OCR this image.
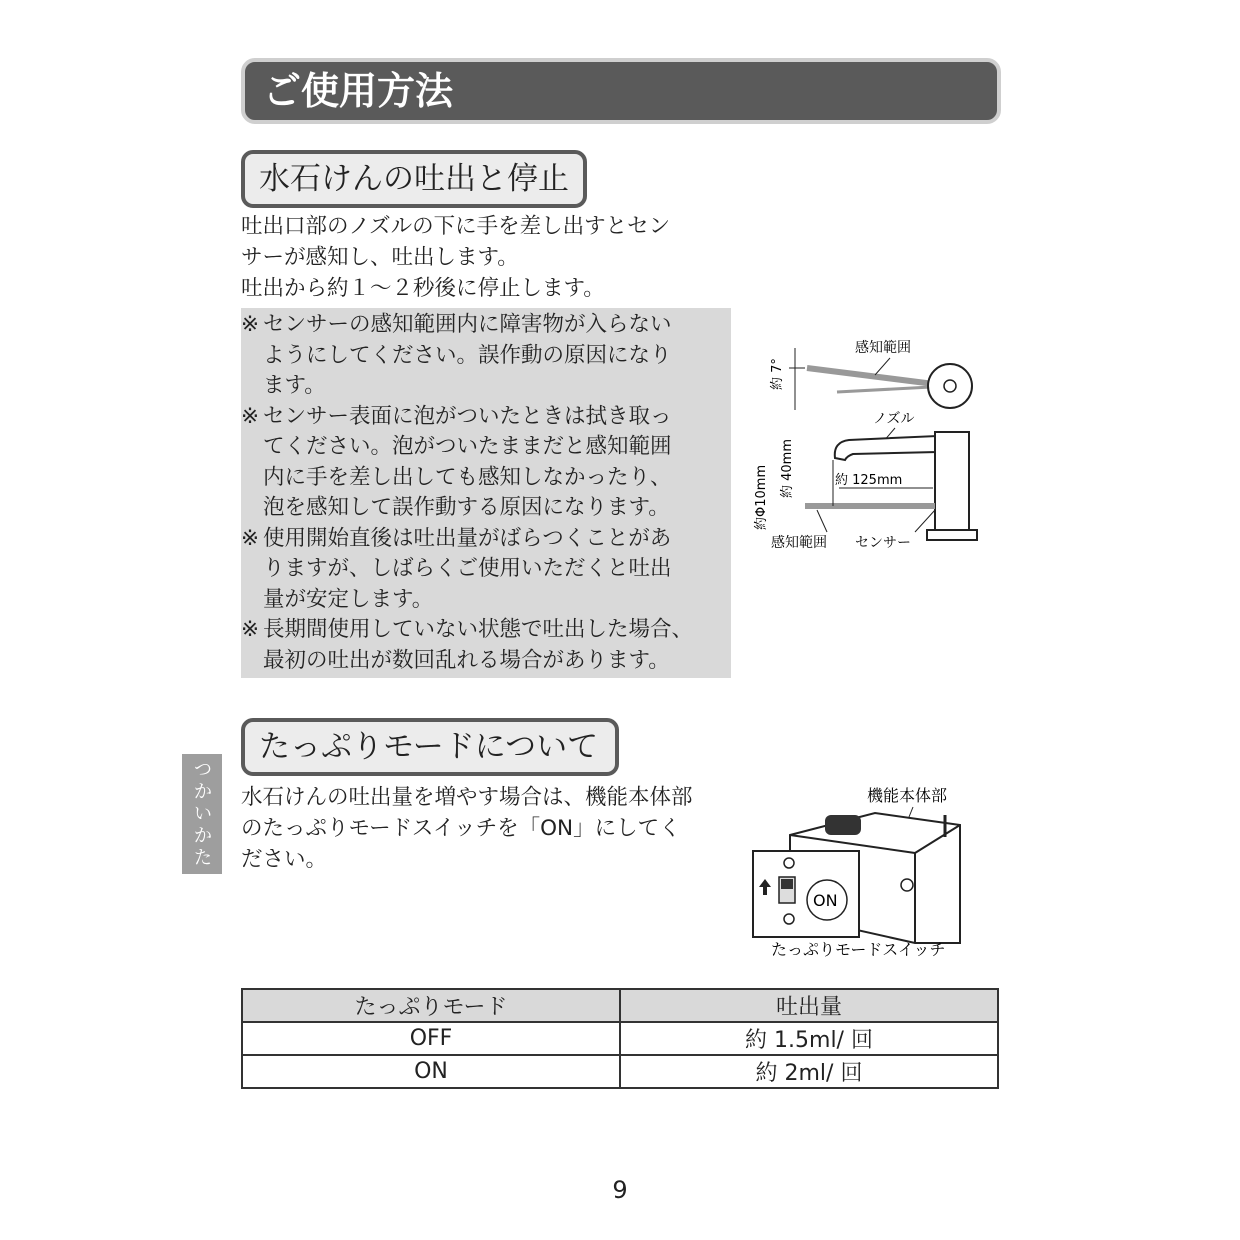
ご使用方法
水石けんの吐出と停止
吐出口部のノズルの下に手を差し出すとセン
サーが感知し、吐出します。
吐出から約１～２秒後に停止します。
※ センサーの感知範囲内に障害物が入らない
ようにしてください。誤作動の原因になり
ます。
※ センサー表面に泡がついたときは拭き取っ
てください。泡がついたままだと感知範囲
内に手を差し出しても感知しなかったり、
泡を感知して誤作動する原因になります。
※ 使用開始直後は吐出量がばらつくことがあ
りますが、しばらくご使用いただくと吐出
量が安定します。
※ 長期間使用していない状態で吐出した場合、
最初の吐出が数回乱れる場合があります。
約 7°
感知範囲
ノズル
約 125mm
約 40mm
約Φ10mm
感知範囲 センサー
たっぷりモードについて
水石けんの吐出量を増やす場合は、機能本体部
のたっぷりモードスイッチを「ON」にしてく
ださい。
つかいかた	機能本体部
ON
たっぷりモードスイッチ
たっぷりモード	吐出量
OFF	約 1.5ml/ 回
ON	約 2ml/ 回
9
